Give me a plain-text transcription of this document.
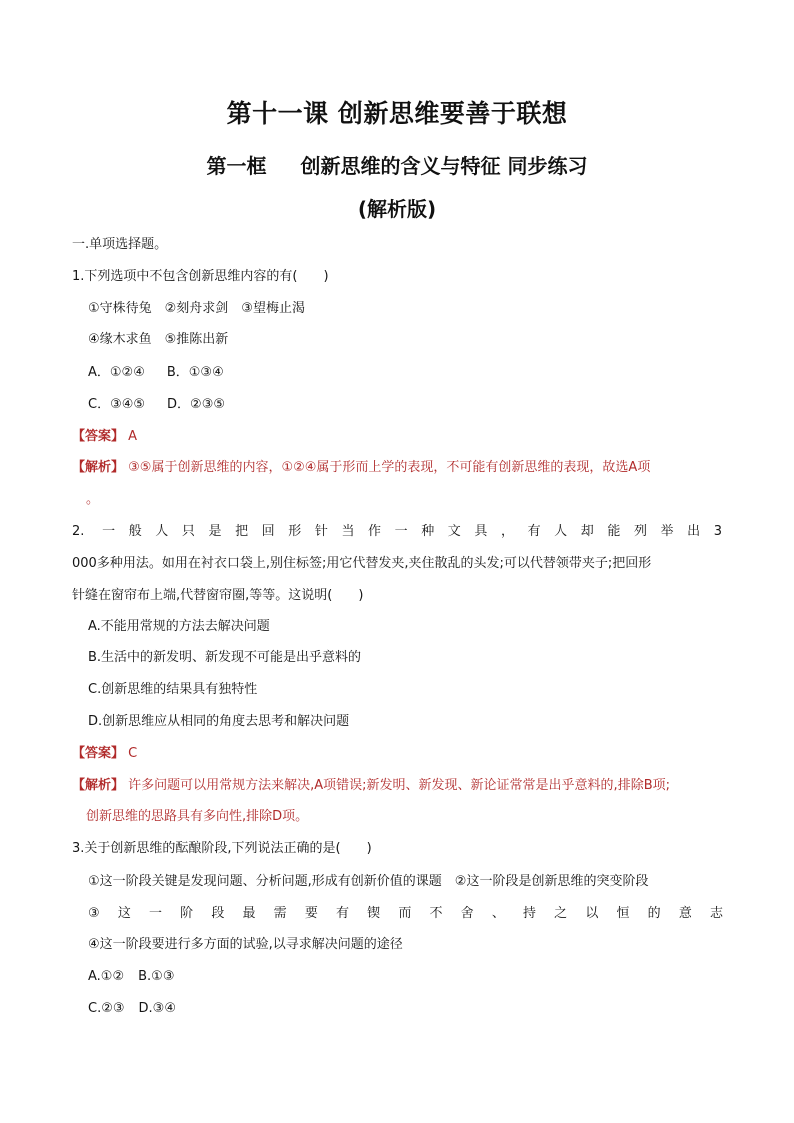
第十一课 创新思维要善于联想
第一框 创新思维的含义与特征 同步练习
(解析版)
一.单项选择题。
1.下列选项中不包含创新思维内容的有(　　)
①守株待兔　②刻舟求剑　③望梅止渴
④缘木求鱼　⑤推陈出新
A．①②④ B．①③④
C．③④⑤ D．②③⑤
【答案】 A
【解析】 ③⑤属于创新思维的内容，①②④属于形而上学的表现，不可能有创新思维的表现，故选A项
。
2. 一般人只是把回形针当作一种文具，有人却能列举出3
000多种用法。如用在衬衣口袋上,别住标签;用它代替发夹,夹住散乱的头发;可以代替领带夹子;把回形
针缝在窗帘布上端,代替窗帘圈,等等。这说明(　　)
A.不能用常规的方法去解决问题
B.生活中的新发明、新发现不可能是出乎意料的
C.创新思维的结果具有独特性
D.创新思维应从相同的角度去思考和解决问题
【答案】 C
【解析】 许多问题可以用常规方法来解决,A项错误;新发明、新发现、新论证常常是出乎意料的,排除B项;
创新思维的思路具有多向性,排除D项。
3.关于创新思维的酝酿阶段,下列说法正确的是(　　)
①这一阶段关键是发现问题、分析问题,形成有创新价值的课题　②这一阶段是创新思维的突变阶段
③这一阶段最需要有锲而不舍、持之以恒的意志
④这一阶段要进行多方面的试验,以寻求解决问题的途径
A.①② B.①③
C.②③ D.③④
